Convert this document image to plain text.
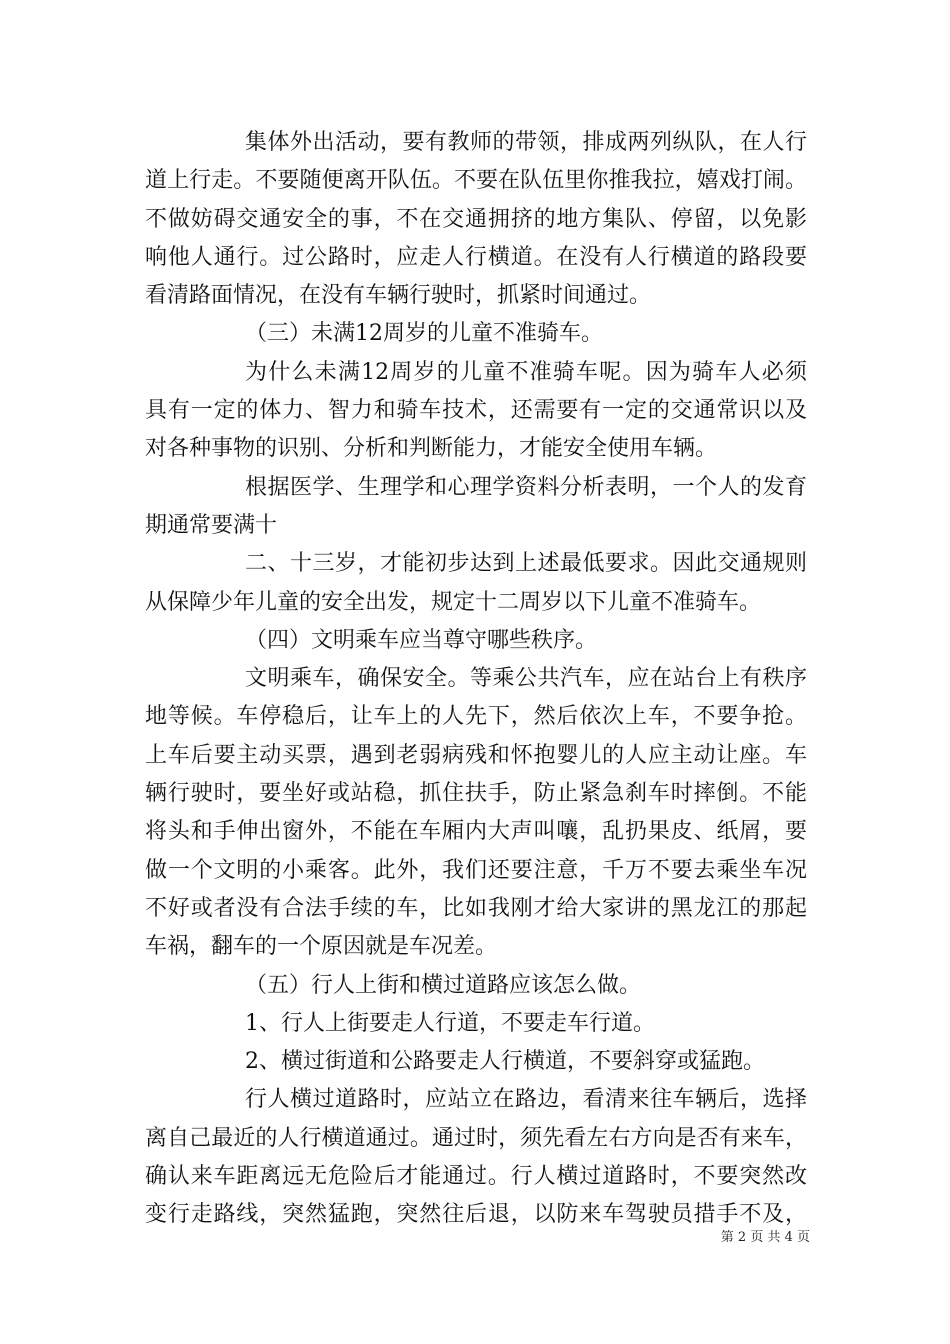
集体外出活动，要有教师的带领，排成两列纵队，在人行
道上行走。不要随便离开队伍。不要在队伍里你推我拉，嬉戏打闹。
不做妨碍交通安全的事，不在交通拥挤的地方集队、停留，以免影
响他人通行。过公路时，应走人行横道。在没有人行横道的路段要
看清路面情况，在没有车辆行驶时，抓紧时间通过。
（三）未满12周岁的儿童不准骑车。
为什么未满12周岁的儿童不准骑车呢。因为骑车人必须
具有一定的体力、智力和骑车技术，还需要有一定的交通常识以及
对各种事物的识别、分析和判断能力，才能安全使用车辆。
根据医学、生理学和心理学资料分析表明，一个人的发育
期通常要满十
二、十三岁，才能初步达到上述最低要求。因此交通规则
从保障少年儿童的安全出发，规定十二周岁以下儿童不准骑车。
（四）文明乘车应当尊守哪些秩序。
文明乘车，确保安全。等乘公共汽车，应在站台上有秩序
地等候。车停稳后，让车上的人先下，然后依次上车，不要争抢。
上车后要主动买票，遇到老弱病残和怀抱婴儿的人应主动让座。车
辆行驶时，要坐好或站稳，抓住扶手，防止紧急刹车时摔倒。不能
将头和手伸出窗外，不能在车厢内大声叫嚷，乱扔果皮、纸屑，要
做一个文明的小乘客。此外，我们还要注意，千万不要去乘坐车况
不好或者没有合法手续的车，比如我刚才给大家讲的黑龙江的那起
车祸，翻车的一个原因就是车况差。
（五）行人上街和横过道路应该怎么做。
1、行人上街要走人行道，不要走车行道。
2、横过街道和公路要走人行横道，不要斜穿或猛跑。
行人横过道路时，应站立在路边，看清来往车辆后，选择
离自己最近的人行横道通过。通过时，须先看左右方向是否有来车，
确认来车距离远无危险后才能通过。行人横过道路时，不要突然改
变行走路线，突然猛跑，突然往后退，以防来车驾驶员措手不及，
第 2 页 共 4 页
